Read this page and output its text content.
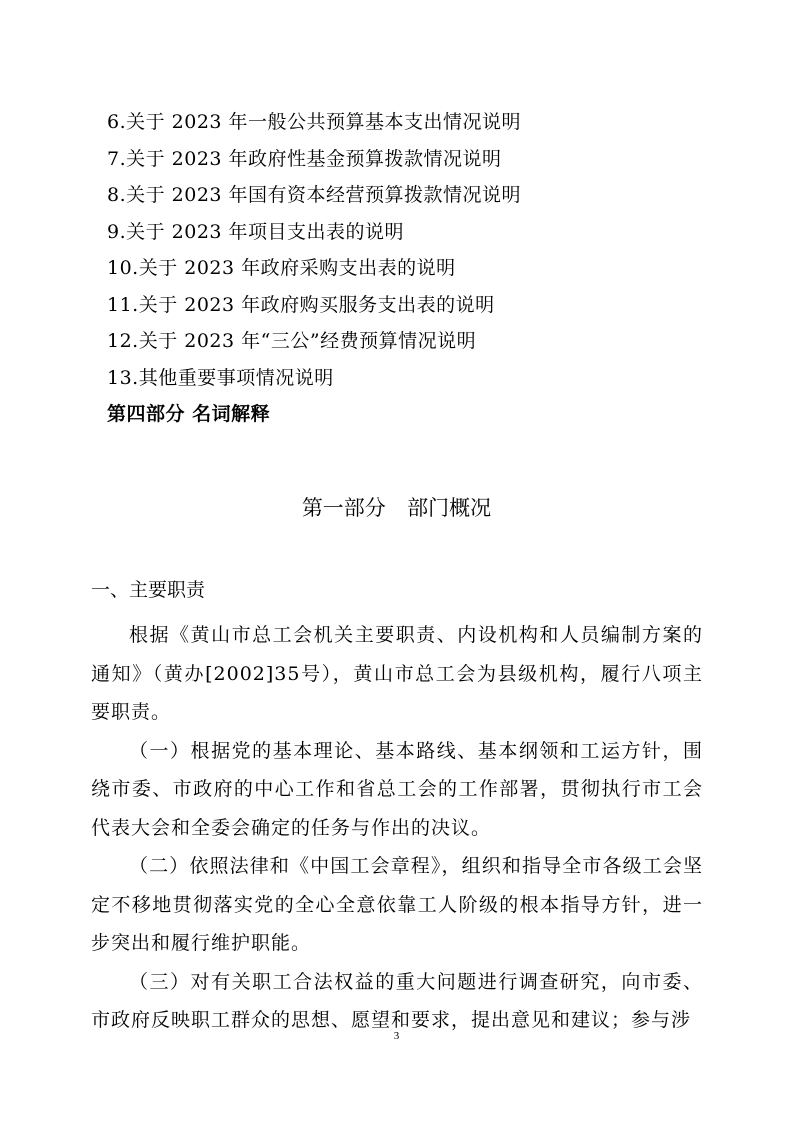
6.关于 2023 年一般公共预算基本支出情况说明
7.关于 2023 年政府性基金预算拨款情况说明
8.关于 2023 年国有资本经营预算拨款情况说明
9.关于 2023 年项目支出表的说明
10.关于 2023 年政府采购支出表的说明
11.关于 2023 年政府购买服务支出表的说明
12.关于 2023 年“三公”经费预算情况说明
13.其他重要事项情况说明
第四部分 名词解释
第一部分  部门概况
一、主要职责

根据《黄山市总工会机关主要职责、内设机构和人员编制方案的通知》（黄办[2002]35号），黄山市总工会为县级机构，履行八项主要职责。

（一）根据党的基本理论、基本路线、基本纲领和工运方针，围绕市委、市政府的中心工作和省总工会的工作部署，贯彻执行市工会代表大会和全委会确定的任务与作出的决议。

（二）依照法律和《中国工会章程》，组织和指导全市各级工会坚定不移地贯彻落实党的全心全意依靠工人阶级的根本指导方针，进一步突出和履行维护职能。

（三）对有关职工合法权益的重大问题进行调查研究，向市委、市政府反映职工群众的思想、愿望和要求，提出意见和建议；参与涉

3
